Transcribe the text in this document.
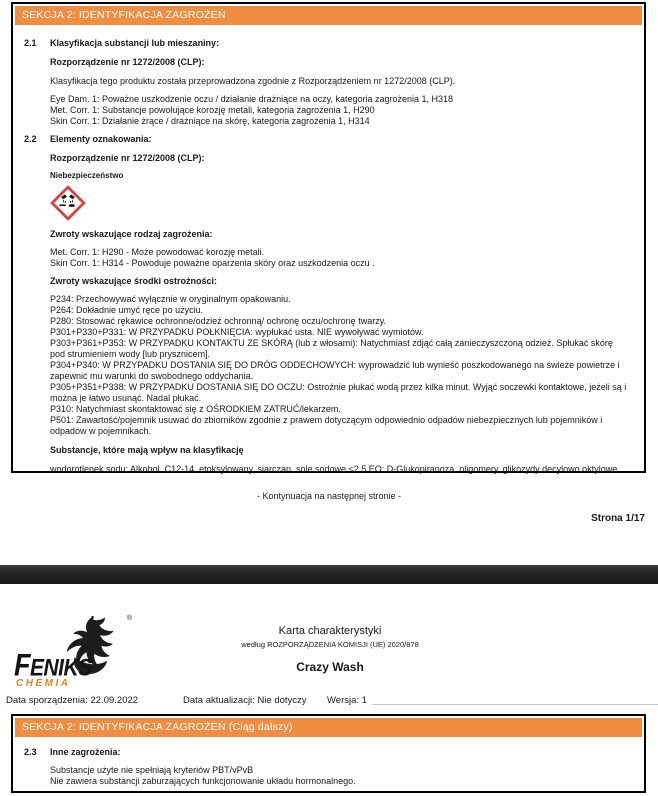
SEKCJA 2: IDENTYFIKACJA ZAGROŻEŃ
2.1 Klasyfikacja substancji lub mieszaniny:
Rozporządzenie nr 1272/2008 (CLP):

Klasyfikacja tego produktu została przeprowadzona zgodnie z Rozporządzeniem nr 1272/2008 (CLP).

Eye Dam. 1: Poważne uszkodzenie oczu / działanie drażniące na oczy, kategoria zagrożenia 1, H318

Met. Corr. 1: Substancje powołujące korozję metali, kategoria zagrożenia 1, H290

Skin Corr. 1: Działanie żrące / drażniące na skórę, kategoria zagrożenia 1, H314

2.2 Elementy oznakowania:
Rozporządzenie nr 1272/2008 (CLP):
Niebezpieczeństwo
Zwroty wskazujące rodzaj zagrożenia:

Met. Corr. 1: H290 - Może powodować korozję metali.

Skin Corr. 1: H314 - Powoduje poważne oparzenia skóry oraz uszkodzenia oczu .

Zwroty wskazujące środki ostrożności:

P234: Przechowywać wyłącznie w oryginalnym opakowaniu.

P264: Dokładnie umyć ręce po użyciu.

P280: Stosować rękawice ochronne/odzież ochronną/ ochronę oczu/ochronę twarzy.

P301+P330+P331: W PRZYPADKU POŁKNIĘCIA: wypłukać usta. NIE wywoływać wymiotów.

P303+P361+P353: W PRZYPADKU KONTAKTU ZE SKÓRĄ (lub z włosami): Natychmiast zdjąć całą zanieczyszczoną odzież. Spłukać skórę pod strumieniem wody [lub prysznicem].

P304+P340: W PRZYPADKU DOSTANIA SIĘ DO DRÓG ODDECHOWYCH: wyprowadzić lub wynieść poszkodowanego na świeże powietrze i zapewnić mu warunki do swobodnego oddychania.

P305+P351+P338: W PRZYPADKU DOSTANIA SIĘ DO OCZU: Ostrożnie płukać wodą przez kilka minut. Wyjąć soczewki kontaktowe, jeżeli są i można je łatwo usunąć. Nadal płukać.

P310: Natychmiast skontaktować się z OŚRODKIEM ZATRUĆ/lekarzem.

P501: Zawartość/pojemnik usuwać do zbiorników zgodnie z prawem dotyczącym odpowiednio odpadów niebezpiecznych lub pojemników i odpadów w pojemnikach.

Substancje, które mają wpływ na klasyfikację

wodorotlenek sodu; Alkohol, C12-14, etoksylowany, siarczan, sole sodowe <2,5 EO; D-Glukopiranoza, oligomery, glikozydy decylowo oktylowe

- Kontynuacja na następnej stronie -
Strona 1/17
®
FENIKS
CHEMIA
Karta charakterystyki
według ROZPORZĄDZENIA KOMISJI (UE) 2020/878
Crazy Wash
Data sporządzenia: 22.09.2022	Data aktualizacji: Nie dotyczy Wersja: 1
SEKCJA 2: IDENTYFIKACJA ZAGROŻEŃ (Ciąg dalszy)
2.3 Inne zagrożenia:

Substancje użyte nie spełniają kryteriów PBT/vPvB

Nie zawiera substancji zaburzających funkcjonowanie układu hormonalnego.
